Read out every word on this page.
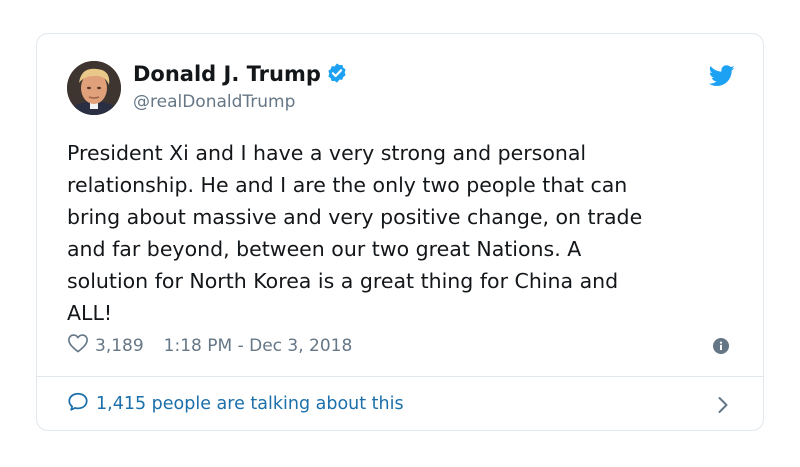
Donald J. Trump
@realDonaldTrump
President Xi and I have a very strong and personal
relationship. He and I are the only two people that can
bring about massive and very positive change, on trade
and far beyond, between our two great Nations. A
solution for North Korea is a great thing for China and
ALL!
3,189 1:18 PM - Dec 3, 2018
1,415 people are talking about this
